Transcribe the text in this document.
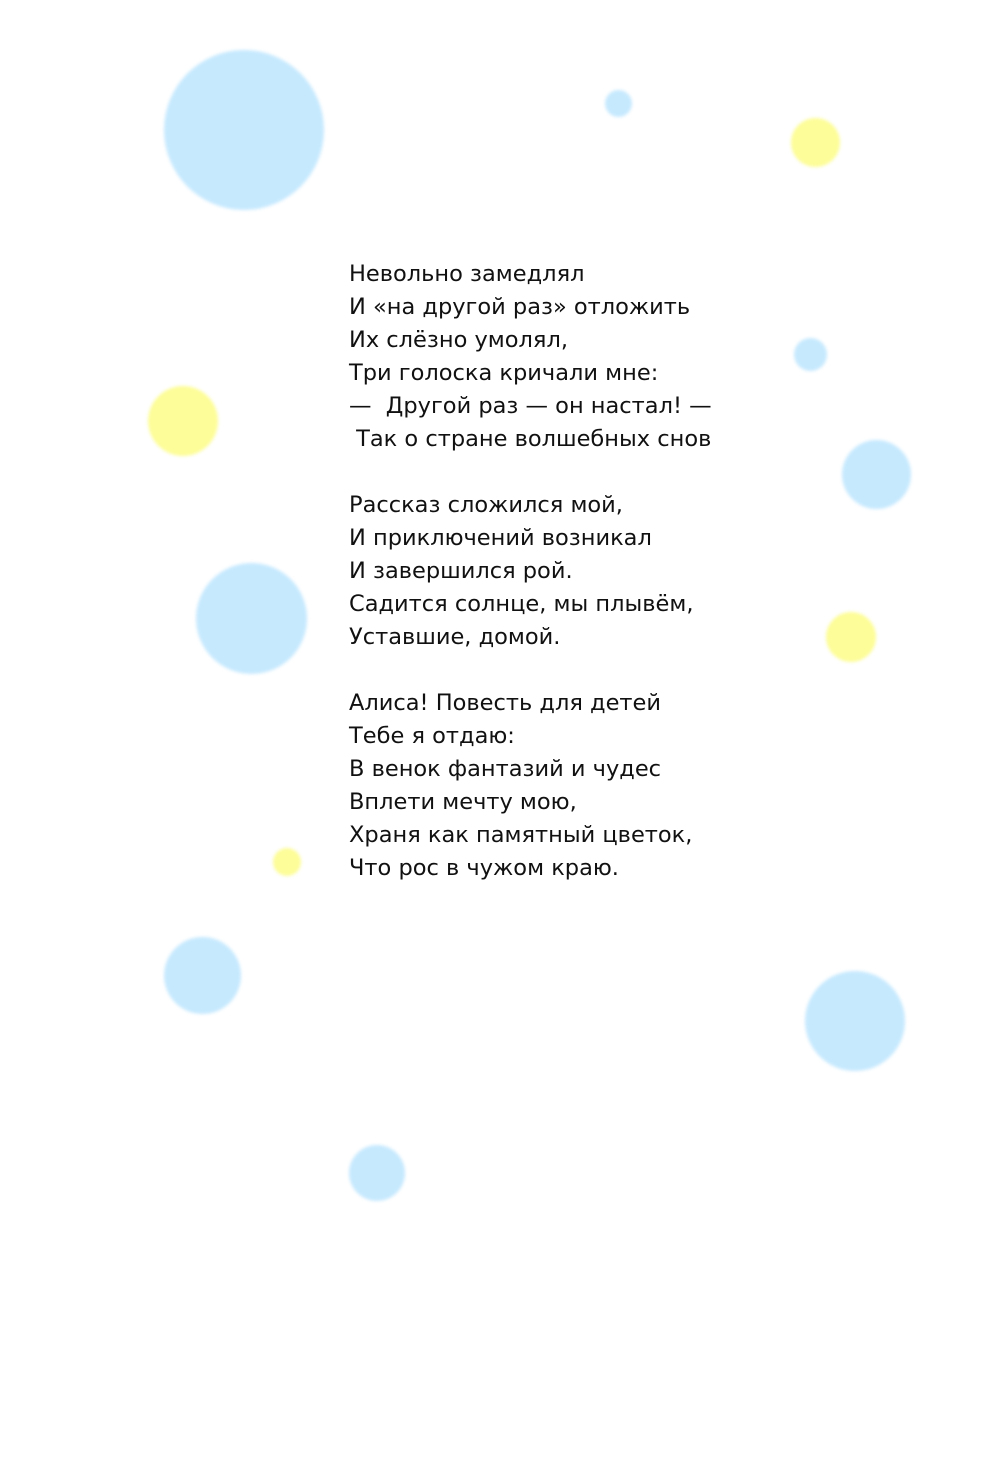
Невольно замедлял
И «на другой раз» отложить
Их слёзно умолял,
Три голоска кричали мне:
—  Другой раз — он настал! —
Так о стране волшебных снов
Рассказ сложился мой,
И приключений возникал
И завершился рой.
Садится солнце, мы плывём,
Уставшие, домой.
Алиса! Повесть для детей
Тебе я отдаю:
В венок фантазий и чудес
Вплети мечту мою,
Храня как памятный цветок,
Что рос в чужом краю.
